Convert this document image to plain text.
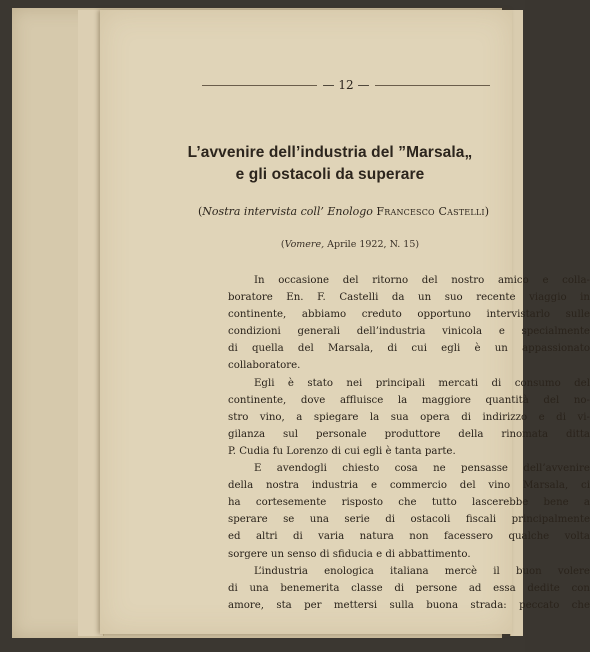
— 12 —
L’avvenire dell’industria del ”Marsala„
e gli ostacoli da superare
(Nostra intervista coll’ Enologo Francesco Castelli)
(Vomere, Aprile 1922, N. 15)
In occasione del ritorno del nostro amico e colla-
boratore En. F. Castelli da un suo recente viaggio in
continente, abbiamo creduto opportuno intervistarlo sulle
condizioni generali dell’industria vinicola e specialmente
di quella del Marsala, di cui egli è un appassionato
collaboratore.
Egli è stato nei principali mercati di consumo del
continente, dove affluisce la maggiore quantità del no-
stro vino, a spiegare la sua opera di indirizzo e di vi-
gilanza sul personale produttore della rinomata ditta
P. Cudia fu Lorenzo di cui egli è tanta parte.
E avendogli chiesto cosa ne pensasse dell’avvenire
della nostra industria e commercio del vino Marsala, ci
ha cortesemente risposto che tutto lascerebbe bene a
sperare se una serie di ostacoli fiscali principalmente
ed altri di varia natura non facessero qualche volta
sorgere un senso di sfiducia e di abbattimento.
L’industria enologica italiana mercè il buon volere
di una benemerita classe di persone ad essa dedite con
amore, sta per mettersi sulla buona strada: peccato che
